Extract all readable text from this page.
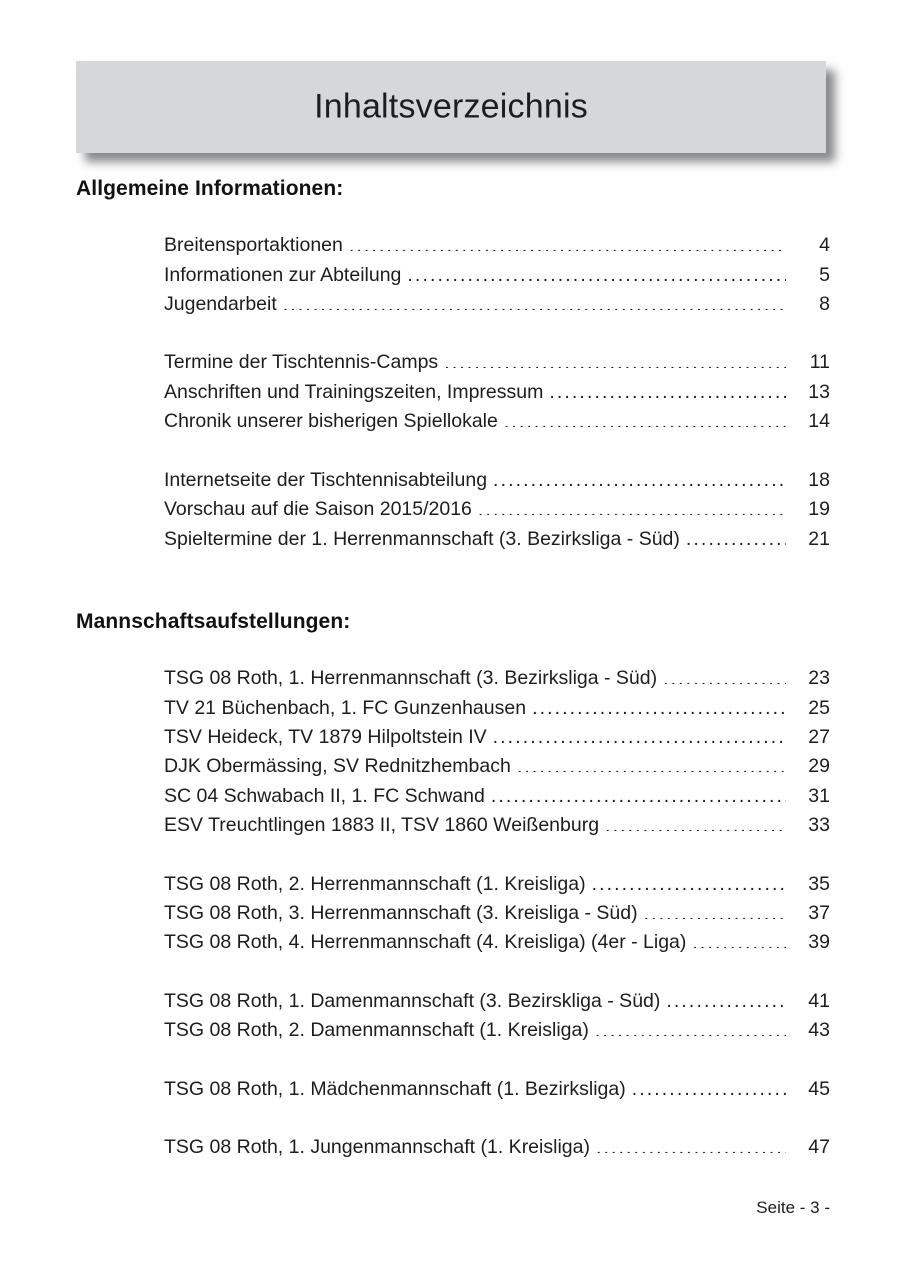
Inhaltsverzeichnis
Allgemeine Informationen:
Breitensportaktionen .....	4
Informationen zur Abteilung .....	5
Jugendarbeit .....	8
Termine der Tischtennis-Camps .....	11
Anschriften und Trainingszeiten, Impressum .....	13
Chronik unserer bisherigen Spiellokale .....	14
Internetseite der Tischtennisabteilung .....	18
Vorschau auf die Saison 2015/2016 .....	19
Spieltermine der 1. Herrenmannschaft (3. Bezirksliga - Süd) .....	21
Mannschaftsaufstellungen:
TSG 08 Roth, 1. Herrenmannschaft (3. Bezirksliga - Süd) .....	23
TV 21 Büchenbach, 1. FC Gunzenhausen .....	25
TSV Heideck, TV 1879 Hilpoltstein IV .....	27
DJK Obermässing, SV Rednitzhembach .....	29
SC 04 Schwabach II, 1. FC Schwand .....	31
ESV Treuchtlingen 1883 II, TSV 1860 Weißenburg .....	33
TSG 08 Roth, 2. Herrenmannschaft (1. Kreisliga) .....	35
TSG 08 Roth, 3. Herrenmannschaft (3. Kreisliga - Süd) .....	37
TSG 08 Roth, 4. Herrenmannschaft (4. Kreisliga) (4er - Liga) .....	39
TSG 08 Roth, 1. Damenmannschaft (3. Bezirskliga - Süd) .....	41
TSG 08 Roth, 2. Damenmannschaft (1. Kreisliga) .....	43
TSG 08 Roth, 1. Mädchenmannschaft (1. Bezirksliga) .....	45
TSG 08 Roth, 1. Jungenmannschaft (1. Kreisliga) .....	47
Seite - 3 -
